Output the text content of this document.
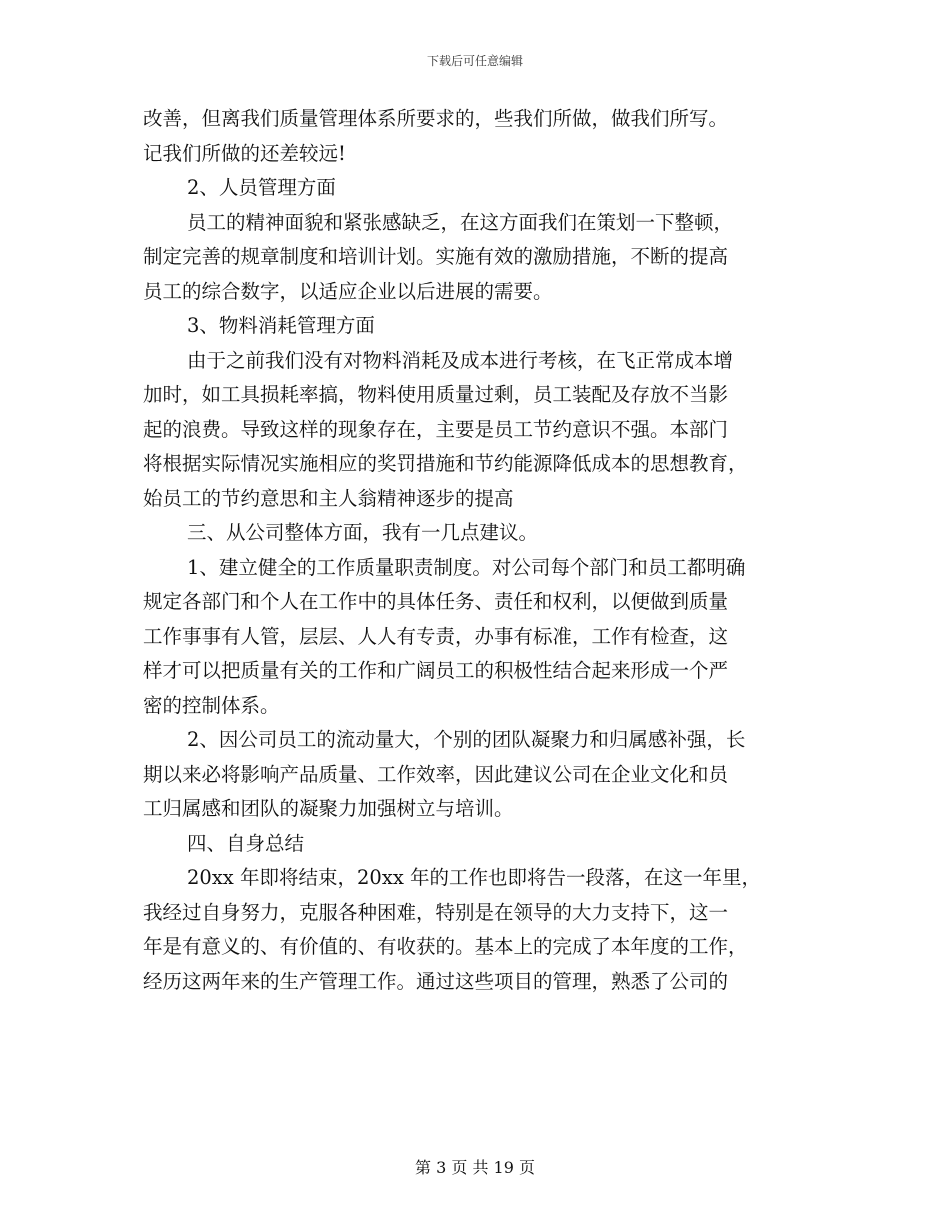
下载后可任意编辑
改善，但离我们质量管理体系所要求的，些我们所做，做我们所写。
记我们所做的还差较远!
2、人员管理方面
员工的精神面貌和紧张感缺乏，在这方面我们在策划一下整顿，
制定完善的规章制度和培训计划。实施有效的激励措施，不断的提高
员工的综合数字，以适应企业以后进展的需要。
3、物料消耗管理方面
由于之前我们没有对物料消耗及成本进行考核，在飞正常成本增
加时，如工具损耗率搞，物料使用质量过剩，员工装配及存放不当影
起的浪费。导致这样的现象存在，主要是员工节约意识不强。本部门
将根据实际情况实施相应的奖罚措施和节约能源降低成本的思想教育，
始员工的节约意思和主人翁精神逐步的提高
三、从公司整体方面，我有一几点建议。
1、建立健全的工作质量职责制度。对公司每个部门和员工都明确
规定各部门和个人在工作中的具体任务、责任和权利，以便做到质量
工作事事有人管，层层、人人有专责，办事有标准，工作有检查，这
样才可以把质量有关的工作和广阔员工的积极性结合起来形成一个严
密的控制体系。
2、因公司员工的流动量大，个别的团队凝聚力和归属感补强，长
期以来必将影响产品质量、工作效率，因此建议公司在企业文化和员
工归属感和团队的凝聚力加强树立与培训。
四、自身总结
20xx 年即将结束，20xx 年的工作也即将告一段落，在这一年里，
我经过自身努力，克服各种困难，特别是在领导的大力支持下，这一
年是有意义的、有价值的、有收获的。基本上的完成了本年度的工作，
经历这两年来的生产管理工作。通过这些项目的管理，熟悉了公司的
第 3 页 共 19 页
